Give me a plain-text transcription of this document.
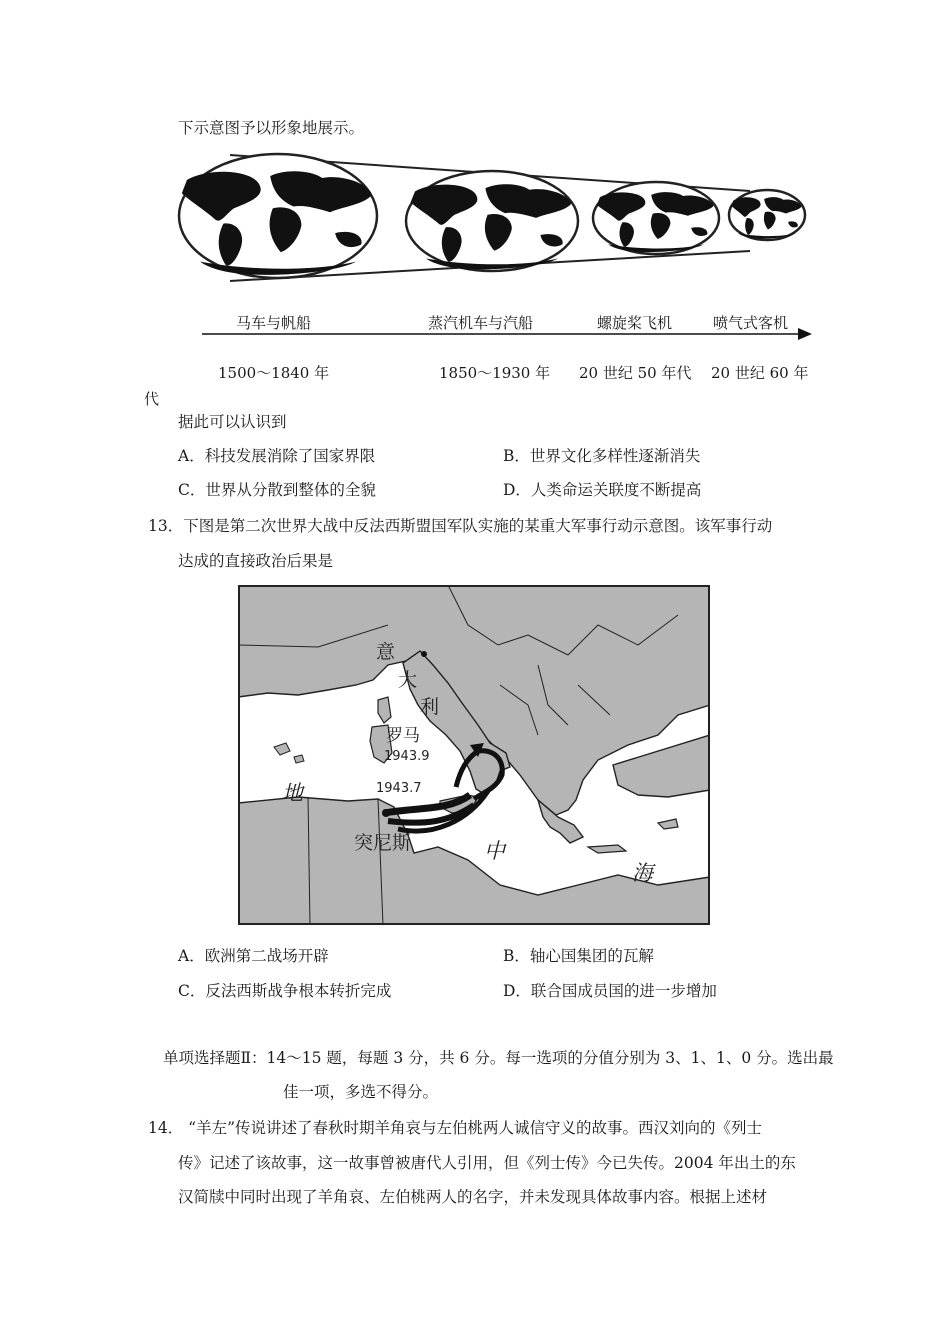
下示意图予以形象地展示。
马车与帆船	蒸汽机车与汽船	螺旋桨飞机	喷气式客机
1500～1840 年	1850～1930 年 20 世纪 50 年代 20 世纪 60 年
代
据此可以认识到
A．科技发展消除了国家界限	B．世界文化多样性逐渐消失
C．世界从分散到整体的全貌	D．人类命运关联度不断提高
13．下图是第二次世界大战中反法西斯盟国军队实施的某重大军事行动示意图。该军事行动
达成的直接政治后果是
意
大
利
罗马
1943.9
1943.7
突尼斯
地
中
海
A．欧洲第二战场开辟	B．轴心国集团的瓦解
C．反法西斯战争根本转折完成	D．联合国成员国的进一步增加
单项选择题Ⅱ：14～15 题，每题 3 分，共 6 分。每一选项的分值分别为 3、1、1、0 分。选出最
佳一项，多选不得分。
14． “羊左”传说讲述了春秋时期羊角哀与左伯桃两人诚信守义的故事。西汉刘向的《列士
传》记述了该故事，这一故事曾被唐代人引用，但《列士传》今已失传。2004 年出土的东
汉简牍中同时出现了羊角哀、左伯桃两人的名字，并未发现具体故事内容。根据上述材
